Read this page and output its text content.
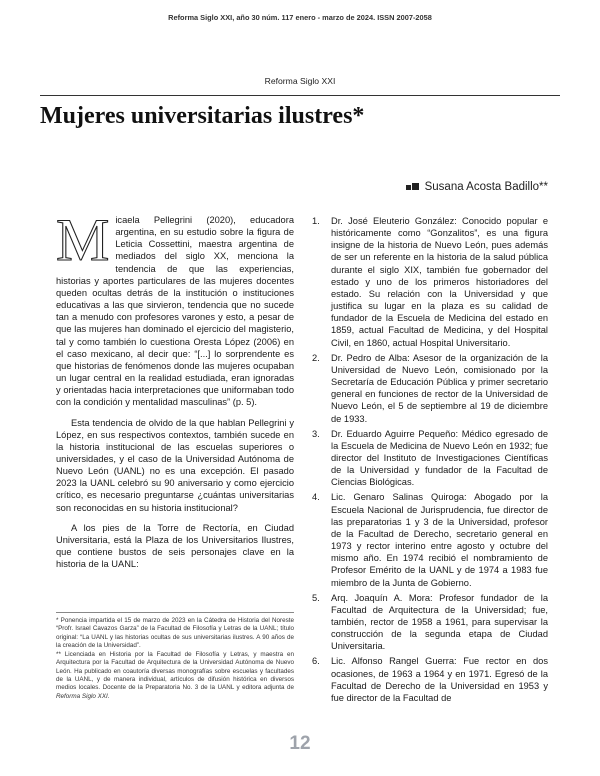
Reforma Siglo XXI, año 30 núm. 117 enero - marzo de 2024. ISSN 2007-2058
Reforma Siglo XXI
Mujeres universitarias ilustres*
Susana Acosta Badillo**

Micaela Pellegrini (2020), educadora argentina, en su estudio sobre la figura de Leticia Cossettini, maestra argentina de mediados del siglo XX, menciona la tendencia de que las experiencias, historias y aportes particulares de las mujeres docentes queden ocultas detrás de la institución o instituciones educativas a las que sirvieron, tendencia que no sucede tan a menudo con profesores varones y esto, a pesar de que las mujeres han dominado el ejercicio del magisterio, tal y como también lo cuestiona Oresta López (2006) en el caso mexicano, al decir que: “[...] lo sorprendente es que historias de fenómenos donde las mujeres ocupaban un lugar central en la realidad estudiada, eran ignoradas y orientadas hacia interpretaciones que uniformaban todo con la condición y mentalidad masculinas” (p. 5).

Esta tendencia de olvido de la que hablan Pellegrini y López, en sus respectivos contextos, también sucede en la historia institucional de las escuelas superiores o universidades, y el caso de la Universidad Autónoma de Nuevo León (UANL) no es una excepción. El pasado 2023 la UANL celebró su 90 aniversario y como ejercicio crítico, es necesario preguntarse ¿cuántas universitarias son reconocidas en su historia institucional?

A los pies de la Torre de Rectoría, en Ciudad Universitaria, está la Plaza de los Universitarios Ilustres, que contiene bustos de seis personajes clave en la historia de la UANL:

* Ponencia impartida el 15 de marzo de 2023 en la Cátedra de Historia del Noreste “Profr. Israel Cavazos Garza” de la Facultad de Filosofía y Letras de la UANL; título original: “La UANL y las historias ocultas de sus universitarias ilustres. A 90 años de la creación de la Universidad”.

** Licenciada en Historia por la Facultad de Filosofía y Letras, y maestra en Arquitectura por la Facultad de Arquitectura de la Universidad Autónoma de Nuevo León. Ha publicado en coautoría diversas monografías sobre escuelas y facultades de la UANL, y de manera individual, artículos de difusión histórica en diversos medios locales. Docente de la Preparatoria No. 3 de la UANL y editora adjunta de Reforma Siglo XXI.

1. Dr. José Eleuterio González: Conocido popular e históricamente como “Gonzalitos”, es una figura insigne de la historia de Nuevo León, pues además de ser un referente en la historia de la salud pública durante el siglo XIX, también fue gobernador del estado y uno de los primeros historiadores del estado. Su relación con la Universidad y que justifica su lugar en la plaza es su calidad de fundador de la Escuela de Medicina del estado en 1859, actual Facultad de Medicina, y del Hospital Civil, en 1860, actual Hospital Universitario.
2. Dr. Pedro de Alba: Asesor de la organización de la Universidad de Nuevo León, comisionado por la Secretaría de Educación Pública y primer secretario general en funciones de rector de la Universidad de Nuevo León, el 5 de septiembre al 19 de diciembre de 1933.
3. Dr. Eduardo Aguirre Pequeño: Médico egresado de la Escuela de Medicina de Nuevo León en 1932; fue director del Instituto de Investigaciones Científicas de la Universidad y fundador de la Facultad de Ciencias Biológicas.
4. Lic. Genaro Salinas Quiroga: Abogado por la Escuela Nacional de Jurisprudencia, fue director de las preparatorias 1 y 3 de la Universidad, profesor de la Facultad de Derecho, secretario general en 1973 y rector interino entre agosto y octubre del mismo año. En 1974 recibió el nombramiento de Profesor Emérito de la UANL y de 1974 a 1983 fue miembro de la Junta de Gobierno.
5. Arq. Joaquín A. Mora: Profesor fundador de la Facultad de Arquitectura de la Universidad; fue, también, rector de 1958 a 1961, para supervisar la construcción de la segunda etapa de Ciudad Universitaria.
6. Lic. Alfonso Rangel Guerra: Fue rector en dos ocasiones, de 1963 a 1964 y en 1971. Egresó de la Facultad de Derecho de la Universidad en 1953 y fue director de la Facultad de
12
